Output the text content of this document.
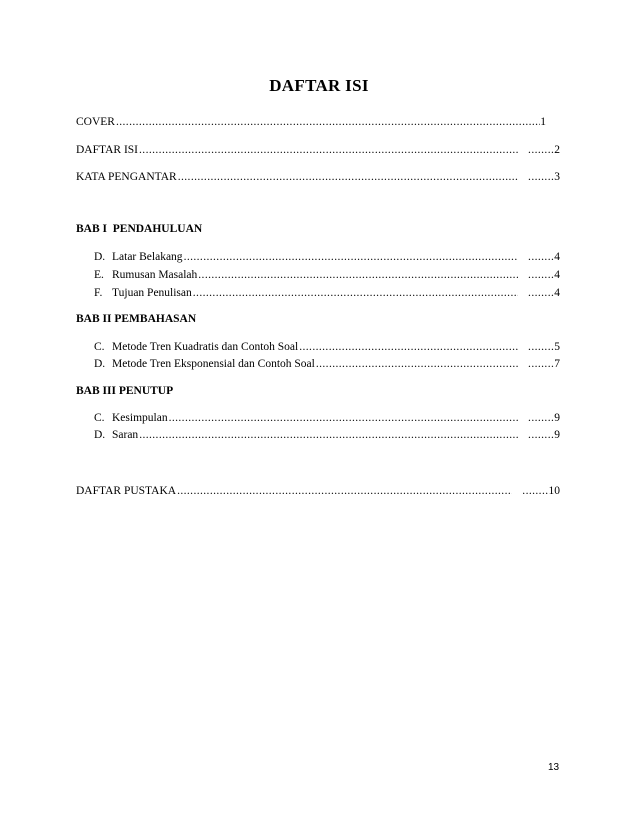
DAFTAR ISI
COVER .....	1
DAFTAR ISI ..... ........	2
KATA PENGANTAR ..... ........	3
BAB I  PENDAHULUAN
D. Latar Belakang ..... ........	4
E. Rumusan Masalah ..... ........	4
F. Tujuan Penulisan ..... ........	4
BAB II PEMBAHASAN
C. Metode Tren Kuadratis dan Contoh Soal ..... ........	5
D. Metode Tren Eksponensial dan Contoh Soal ..... ........	7
BAB III PENUTUP
C. Kesimpulan ..... ........	9
D. Saran ..... ........	9
DAFTAR PUSTAKA ..... ........	10
13
